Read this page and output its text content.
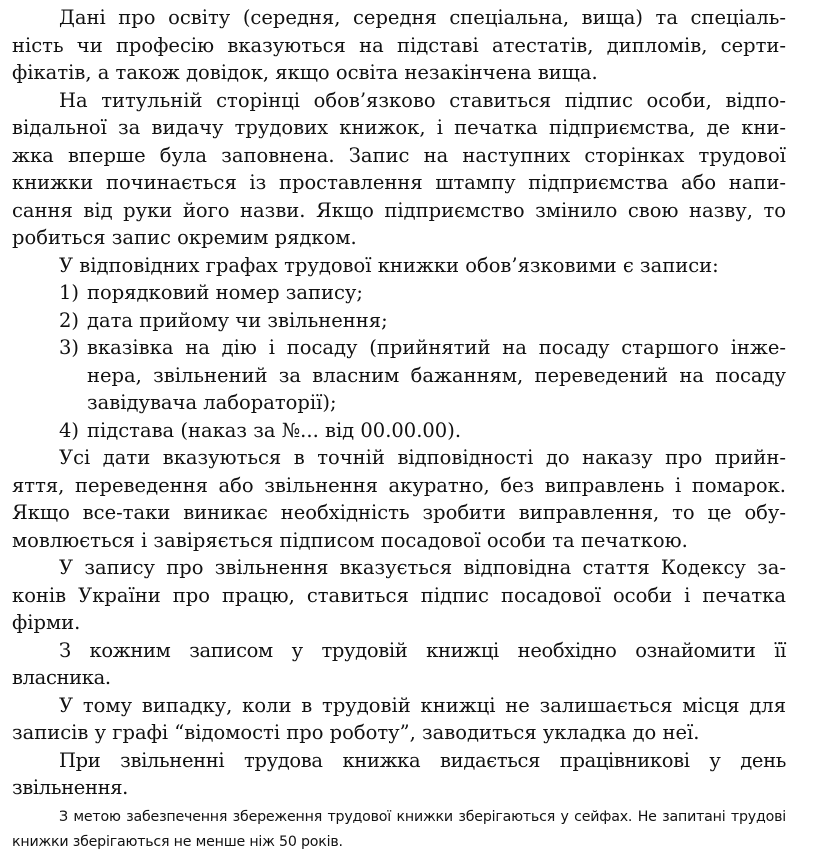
Дані про освіту (середня, середня спеціальна, вища) та спеціаль- ність чи професію вказуються на підставі атестатів, дипломів, серти- фікатів, а також довідок, якщо освіта незакінчена вища.

На титульній сторінці обов’язково ставиться підпис особи, відпо- відальної за видачу трудових книжок, і печатка підприємства, де кни- жка вперше була заповнена. Запис на наступних сторінках трудової книжки починається із проставлення штампу підприємства або напи- сання від руки його назви. Якщо підприємство змінило свою назву, то робиться запис окремим рядком.

У відповідних графах трудової книжки обов’язковими є записи:

1) порядковий номер запису;

2) дата прийому чи звільнення;

3) вказівка на дію і посаду (прийнятий на посаду старшого інже- нера, звільнений за власним бажанням, переведений на посаду завідувача лабораторії);

4) підстава (наказ за №... від 00.00.00).

Усі дати вказуються в точній відповідності до наказу про прийн- яття, переведення або звільнення акуратно, без виправлень і помарок. Якщо все-таки виникає необхідність зробити виправлення, то це обу- мовлюється і завіряється підписом посадової особи та печаткою.

У запису про звільнення вказується відповідна стаття Кодексу за- конів України про працю, ставиться підпис посадової особи і печатка фірми.

З кожним записом у трудовій книжці необхідно ознайомити її власника.

У тому випадку, коли в трудовій книжці не залишається місця для записів у графі “відомості про роботу”, заводиться укладка до неї.

При звільненні трудова книжка видається працівникові у день звільнення.

З метою забезпечення збереження трудової книжки зберігаються у сейфах. Не запитані трудові книжки зберігаються не менше ніж 50 років.
